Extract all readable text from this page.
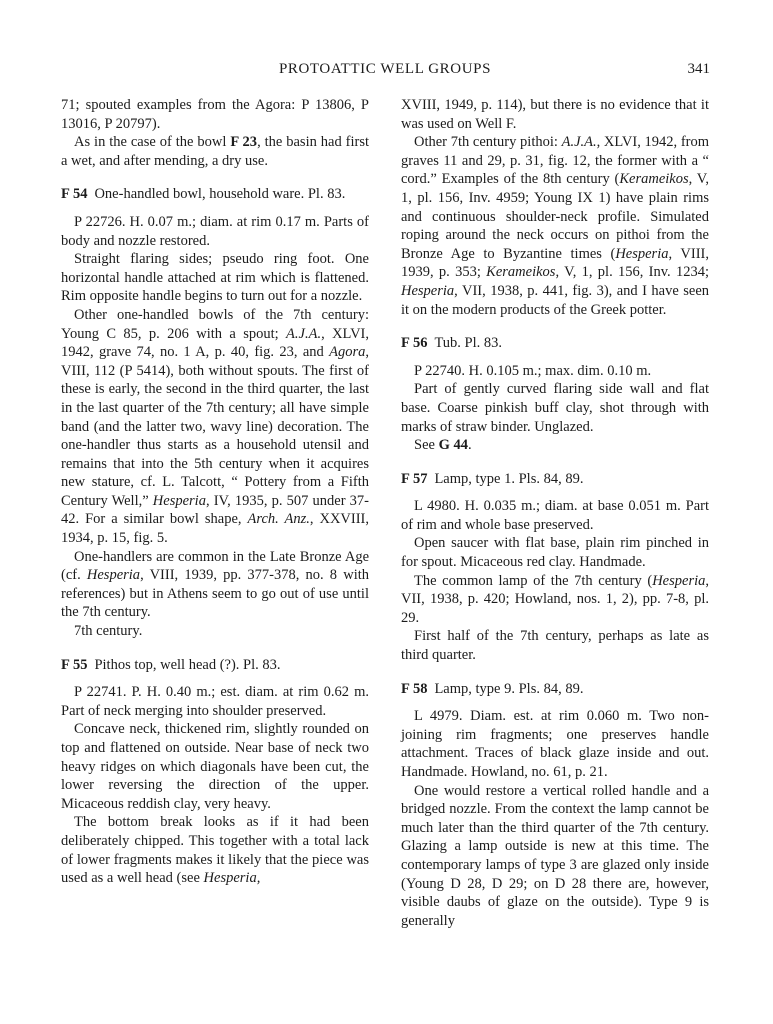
PROTOATTIC WELL GROUPS	341

71; spouted examples from the Agora: P 13806, P 13016, P 20797).

As in the case of the bowl F 23, the basin had first a wet, and after mending, a dry use.

F 54 One-handled bowl, household ware. Pl. 83.

P 22726. H. 0.07 m.; diam. at rim 0.17 m. Parts of body and nozzle restored.

Straight flaring sides; pseudo ring foot. One horizontal handle attached at rim which is flattened. Rim opposite handle begins to turn out for a nozzle.

Other one-handled bowls of the 7th century: Young C 85, p. 206 with a spout; A.J.A., XLVI, 1942, grave 74, no. 1 A, p. 40, fig. 23, and Agora, VIII, 112 (P 5414), both without spouts. The first of these is early, the second in the third quarter, the last in the last quarter of the 7th century; all have simple band (and the latter two, wavy line) decoration. The one-handler thus starts as a household utensil and remains that into the 5th century when it acquires new stature, cf. L. Talcott, “ Pottery from a Fifth Century Well,” Hesperia, IV, 1935, p. 507 under 37-42. For a similar bowl shape, Arch. Anz., XXVIII, 1934, p. 15, fig. 5.

One-handlers are common in the Late Bronze Age (cf. Hesperia, VIII, 1939, pp. 377-378, no. 8 with references) but in Athens seem to go out of use until the 7th century.

7th century.

F 55 Pithos top, well head (?). Pl. 83.

P 22741. P. H. 0.40 m.; est. diam. at rim 0.62 m. Part of neck merging into shoulder preserved.

Concave neck, thickened rim, slightly rounded on top and flattened on outside. Near base of neck two heavy ridges on which diagonals have been cut, the lower reversing the direction of the upper. Micaceous reddish clay, very heavy.

The bottom break looks as if it had been deliberately chipped. This together with a total lack of lower fragments makes it likely that the piece was used as a well head (see Hesperia,

XVIII, 1949, p. 114), but there is no evidence that it was used on Well F.

Other 7th century pithoi: A.J.A., XLVI, 1942, from graves 11 and 29, p. 31, fig. 12, the former with a “ cord.” Examples of the 8th century (Kerameikos, V, 1, pl. 156, Inv. 4959; Young IX 1) have plain rims and continuous shoulder-neck profile. Simulated roping around the neck occurs on pithoi from the Bronze Age to Byzantine times (Hesperia, VIII, 1939, p. 353; Kerameikos, V, 1, pl. 156, Inv. 1234; Hesperia, VII, 1938, p. 441, fig. 3), and I have seen it on the modern products of the Greek potter.

F 56 Tub. Pl. 83.

P 22740. H. 0.105 m.; max. dim. 0.10 m.

Part of gently curved flaring side wall and flat base. Coarse pinkish buff clay, shot through with marks of straw binder. Unglazed.

See G 44.

F 57 Lamp, type 1. Pls. 84, 89.

L 4980. H. 0.035 m.; diam. at base 0.051 m. Part of rim and whole base preserved.

Open saucer with flat base, plain rim pinched in for spout. Micaceous red clay. Handmade.

The common lamp of the 7th century (Hesperia, VII, 1938, p. 420; Howland, nos. 1, 2), pp. 7-8, pl. 29.

First half of the 7th century, perhaps as late as third quarter.

F 58 Lamp, type 9. Pls. 84, 89.

L 4979. Diam. est. at rim 0.060 m. Two non-joining rim fragments; one preserves handle attachment. Traces of black glaze inside and out. Handmade. Howland, no. 61, p. 21.

One would restore a vertical rolled handle and a bridged nozzle. From the context the lamp cannot be much later than the third quarter of the 7th century. Glazing a lamp outside is new at this time. The contemporary lamps of type 3 are glazed only inside (Young D 28, D 29; on D 28 there are, however, visible daubs of glaze on the outside). Type 9 is generally
